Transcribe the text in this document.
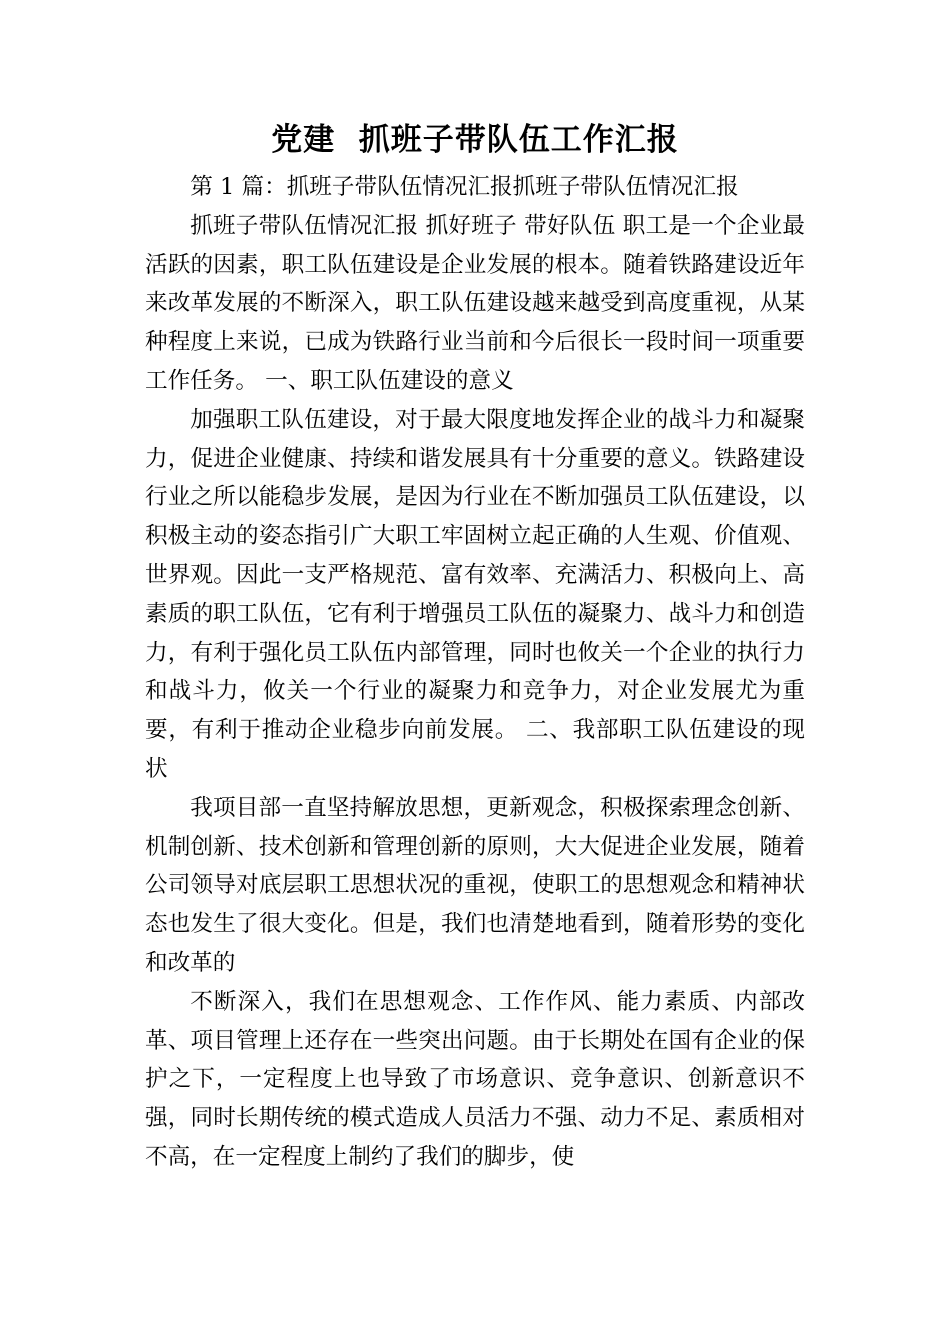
党建  抓班子带队伍工作汇报

第 1 篇：抓班子带队伍情况汇报抓班子带队伍情况汇报

抓班子带队伍情况汇报 抓好班子 带好队伍 职工是一个企业最活跃的因素，职工队伍建设是企业发展的根本。随着铁路建设近年来改革发展的不断深入，职工队伍建设越来越受到高度重视，从某种程度上来说，已成为铁路行业当前和今后很长一段时间一项重要工作任务。 一、职工队伍建设的意义

加强职工队伍建设，对于最大限度地发挥企业的战斗力和凝聚力，促进企业健康、持续和谐发展具有十分重要的意义。铁路建设行业之所以能稳步发展，是因为行业在不断加强员工队伍建设，以积极主动的姿态指引广大职工牢固树立起正确的人生观、价值观、世界观。因此一支严格规范、富有效率、充满活力、积极向上、高素质的职工队伍，它有利于增强员工队伍的凝聚力、战斗力和创造力，有利于强化员工队伍内部管理，同时也攸关一个企业的执行力和战斗力，攸关一个行业的凝聚力和竞争力，对企业发展尤为重要，有利于推动企业稳步向前发展。 二、我部职工队伍建设的现状

我项目部一直坚持解放思想，更新观念，积极探索理念创新、机制创新、技术创新和管理创新的原则，大大促进企业发展，随着公司领导对底层职工思想状况的重视，使职工的思想观念和精神状态也发生了很大变化。但是，我们也清楚地看到，随着形势的变化和改革的

不断深入，我们在思想观念、工作作风、能力素质、内部改革、项目管理上还存在一些突出问题。由于长期处在国有企业的保护之下，一定程度上也导致了市场意识、竞争意识、创新意识不强，同时长期传统的模式造成人员活力不强、动力不足、素质相对不高，在一定程度上制约了我们的脚步，使
